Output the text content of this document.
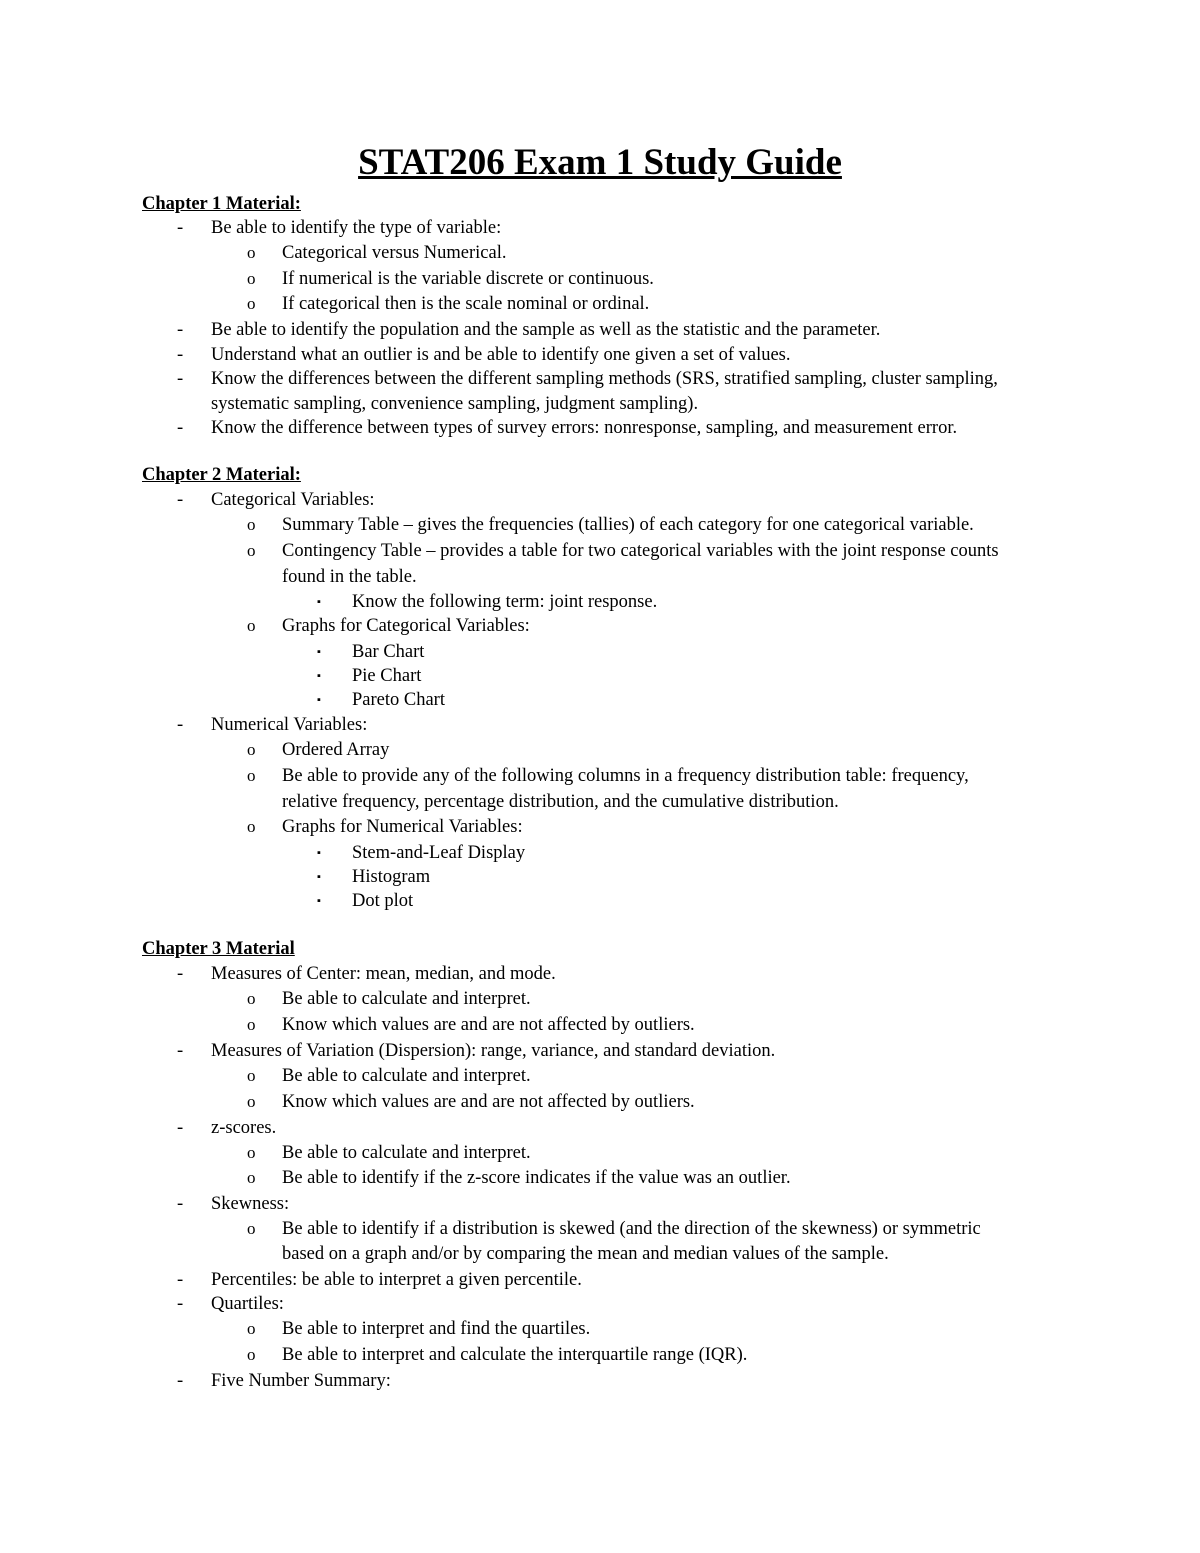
STAT206 Exam 1 Study Guide
Chapter 1 Material:
- Be able to identify the type of variable:
o Categorical versus Numerical.
o If numerical is the variable discrete or continuous.
o If categorical then is the scale nominal or ordinal.
- Be able to identify the population and the sample as well as the statistic and the parameter.
- Understand what an outlier is and be able to identify one given a set of values.
- Know the differences between the different sampling methods (SRS, stratified sampling, cluster sampling,
systematic sampling, convenience sampling, judgment sampling).
- Know the difference between types of survey errors: nonresponse, sampling, and measurement error.
Chapter 2 Material:
- Categorical Variables:
o Summary Table – gives the frequencies (tallies) of each category for one categorical variable.
o Contingency Table – provides a table for two categorical variables with the joint response counts
found in the table.
▪ Know the following term: joint response.
o Graphs for Categorical Variables:
▪ Bar Chart
▪ Pie Chart
▪ Pareto Chart
- Numerical Variables:
o Ordered Array
o Be able to provide any of the following columns in a frequency distribution table: frequency,
relative frequency, percentage distribution, and the cumulative distribution.
o Graphs for Numerical Variables:
▪ Stem-and-Leaf Display
▪ Histogram
▪ Dot plot
Chapter 3 Material
- Measures of Center: mean, median, and mode.
o Be able to calculate and interpret.
o Know which values are and are not affected by outliers.
- Measures of Variation (Dispersion): range, variance, and standard deviation.
o Be able to calculate and interpret.
o Know which values are and are not affected by outliers.
- z-scores.
o Be able to calculate and interpret.
o Be able to identify if the z-score indicates if the value was an outlier.
- Skewness:
o Be able to identify if a distribution is skewed (and the direction of the skewness) or symmetric
based on a graph and/or by comparing the mean and median values of the sample.
- Percentiles: be able to interpret a given percentile.
- Quartiles:
o Be able to interpret and find the quartiles.
o Be able to interpret and calculate the interquartile range (IQR).
- Five Number Summary:
